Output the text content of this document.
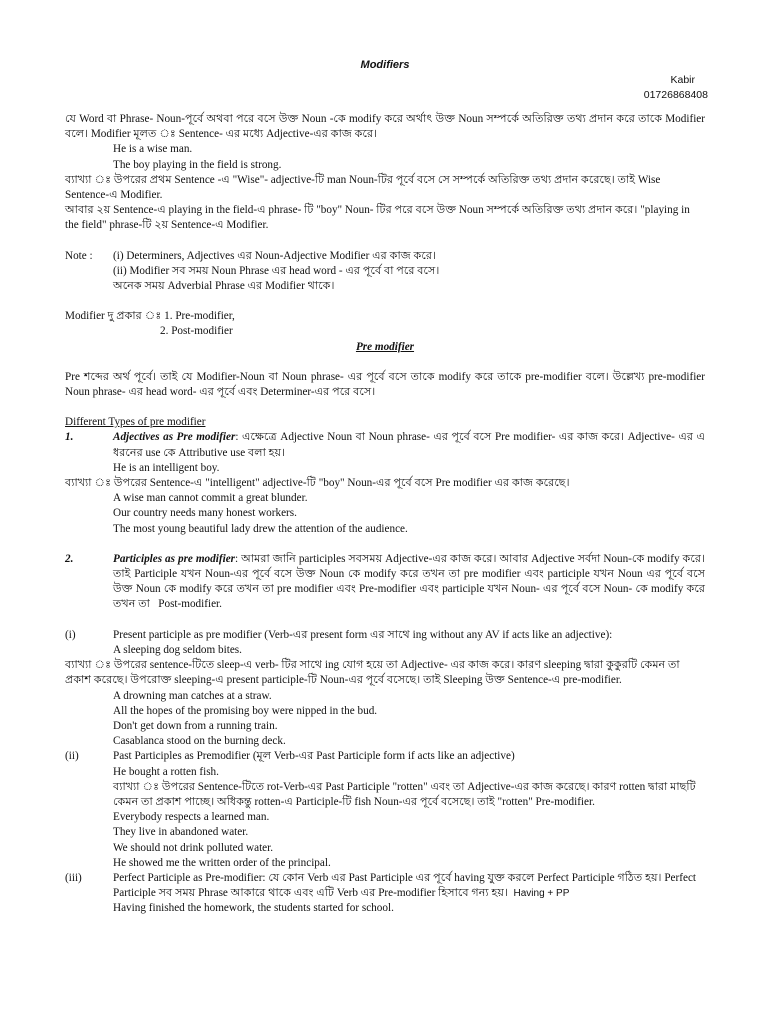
Modifiers

Kabir
01726868408

যে Word বা Phrase- Noun-পূর্বে অথবা পরে বসে উক্ত Noun -কে modify করে অর্থাৎ উক্ত Noun সম্পর্কে অতিরিক্ত তথ্য প্রদান করে তাকে Modifier বলে। Modifier মূলত ঃ Sentence- এর মধ্যে Adjective-এর কাজ করে।

He is a wise man.

The boy playing in the field is strong.

ব্যাখ্যা ঃ উপরের প্রথম Sentence -এ "Wise"- adjective-টি man Noun-টির পূর্বে বসে সে সম্পর্কে অতিরিক্ত তথ্য প্রদান করেছে। তাই Wise Sentence-এ Modifier.

আবার ২য় Sentence-এ playing in the field-এ phrase- টি "boy" Noun- টির পরে বসে উক্ত Noun সম্পর্কে অতিরিক্ত তথ্য প্রদান করে। "playing in the field" phrase-টি ২য় Sentence-এ Modifier.

Note :	(i) Determiners, Adjectives এর Noun-Adjective Modifier এর কাজ করে।

(ii) Modifier সব সময় Noun Phrase এর head word - এর পূর্বে বা পরে বসে।

অনেক সময় Adverbial Phrase এর Modifier থাকে।

Modifier দু প্রকার ঃ 1. Pre-modifier,

2. Post-modifier

Pre modifier

Pre শব্দের অর্থ পূর্বে। তাই যে Modifier-Noun বা Noun phrase- এর পূর্বে বসে তাকে modify করে তাকে pre-modifier বলে। উল্লেখ্য pre-modifier Noun phrase- এর head word- এর পূর্বে এবং Determiner-এর পরে বসে।

Different Types of pre modifier

1.	Adjectives as Pre modifier: এক্ষেত্রে Adjective Noun বা Noun phrase- এর পূর্বে বসে Pre modifier- এর কাজ করে। Adjective- এর এ ধরনের use কে Attributive use বলা হয়।

He is an intelligent boy.

ব্যাখ্যা ঃ উপরের Sentence-এ "intelligent" adjective-টি "boy" Noun-এর পূর্বে বসে Pre modifier এর কাজ করেছে।

A wise man cannot commit a great blunder.

Our country needs many honest workers.

The most young beautiful lady drew the attention of the audience.

2.	Participles as pre modifier: আমরা জানি participles সবসময় Adjective-এর কাজ করে। আবার Adjective সর্বদা Noun-কে modify করে। তাই Participle যখন Noun-এর পূর্বে বসে উক্ত Noun কে modify করে তখন তা pre modifier এবং participle যখন Noun এর পূর্বে বসে উক্ত Noun কে modify করে তখন তা pre modifier এবং Pre-modifier এবং participle যখন Noun- এর পূর্বে বসে Noun- কে modify করে তখন তা Post-modifier.
(i)	Present participle as pre modifier (Verb-এর present form এর সাথে ing without any AV if acts like an adjective):

A sleeping dog seldom bites.

ব্যাখ্যা ঃ উপরের sentence-টিতে sleep-এ verb- টির সাথে ing যোগ হয়ে তা Adjective- এর কাজ করে। কারণ sleeping দ্বারা কুকুরটি কেমন তা প্রকাশ করেছে। উপরোক্ত sleeping-এ present participle-টি Noun-এর পূর্বে বসেছে। তাই Sleeping উক্ত Sentence-এ pre-modifier.

A drowning man catches at a straw.

All the hopes of the promising boy were nipped in the bud.

Don't get down from a running train.

Casablanca stood on the burning deck.

(ii)	Past Participles as Premodifier (মূল Verb-এর Past Participle form if acts like an adjective)

He bought a rotten fish.

ব্যাখ্যা ঃ উপরের Sentence-টিতে rot-Verb-এর Past Participle "rotten" এবং তা Adjective-এর কাজ করেছে। কারণ rotten দ্বারা মাছটি কেমন তা প্রকাশ পাচ্ছে। অধিকন্তু rotten-এ Participle-টি fish Noun-এর পূর্বে বসেছে। তাই "rotten" Pre-modifier.

Everybody respects a learned man.

They live in abandoned water.

We should not drink polluted water.

He showed me the written order of the principal.

(iii)	Perfect Participle as Pre-modifier: যে কোন Verb এর Past Participle এর পূর্বে having যুক্ত করলে Perfect Participle গঠিত হয়। Perfect Participle সব সময় Phrase আকারে থাকে এবং এটি Verb এর Pre-modifier হিসাবে গন্য হয়। Having + PP

Having finished the homework, the students started for school.
